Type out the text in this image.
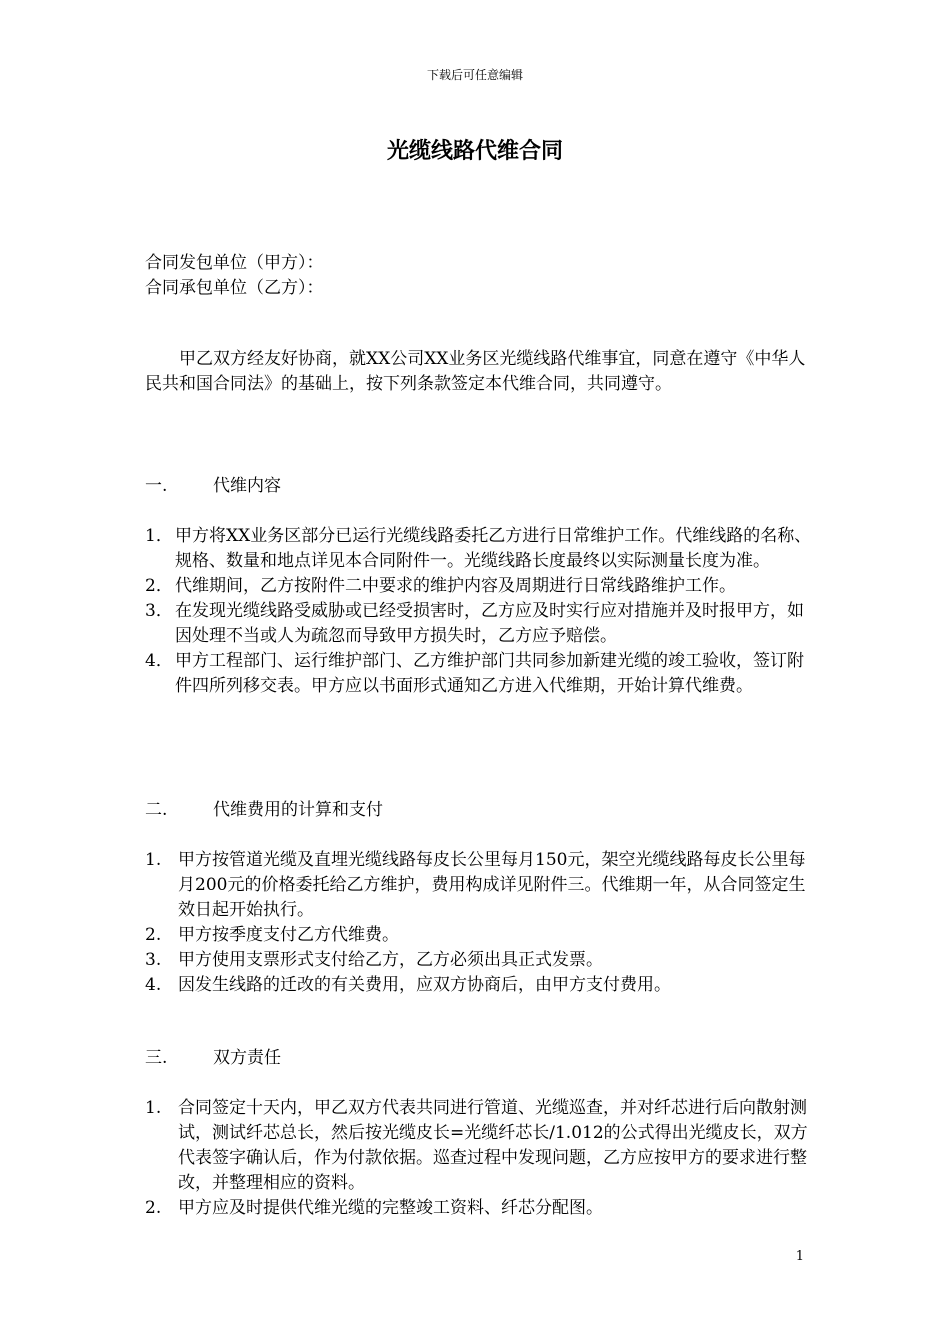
下载后可任意编辑
光缆线路代维合同
合同发包单位（甲方）：
合同承包单位（乙方）：
甲乙双方经友好协商，就XX公司XX业务区光缆线路代维事宜，同意在遵守《中华人民共和国合同法》的基础上，按下列条款签定本代维合同，共同遵守。
一.	代维内容
1． 甲方将XX业务区部分已运行光缆线路委托乙方进行日常维护工作。代维线路的名称、规格、数量和地点详见本合同附件一。光缆线路长度最终以实际测量长度为准。
2． 代维期间，乙方按附件二中要求的维护内容及周期进行日常线路维护工作。
3． 在发现光缆线路受威胁或已经受损害时，乙方应及时实行应对措施并及时报甲方，如因处理不当或人为疏忽而导致甲方损失时，乙方应予赔偿。
4． 甲方工程部门、运行维护部门、乙方维护部门共同参加新建光缆的竣工验收，签订附件四所列移交表。甲方应以书面形式通知乙方进入代维期，开始计算代维费。
二.	代维费用的计算和支付
1. 甲方按管道光缆及直埋光缆线路每皮长公里每月150元，架空光缆线路每皮长公里每月200元的价格委托给乙方维护，费用构成详见附件三。代维期一年，从合同签定生效日起开始执行。
2. 甲方按季度支付乙方代维费。
3. 甲方使用支票形式支付给乙方，乙方必须出具正式发票。
4. 因发生线路的迁改的有关费用，应双方协商后，由甲方支付费用。
三.	双方责任
1. 合同签定十天内，甲乙双方代表共同进行管道、光缆巡查，并对纤芯进行后向散射测试，测试纤芯总长，然后按光缆皮长=光缆纤芯长/1.012的公式得出光缆皮长，双方代表签字确认后，作为付款依据。巡查过程中发现问题，乙方应按甲方的要求进行整改，并整理相应的资料。
2. 甲方应及时提供代维光缆的完整竣工资料、纤芯分配图。
1
